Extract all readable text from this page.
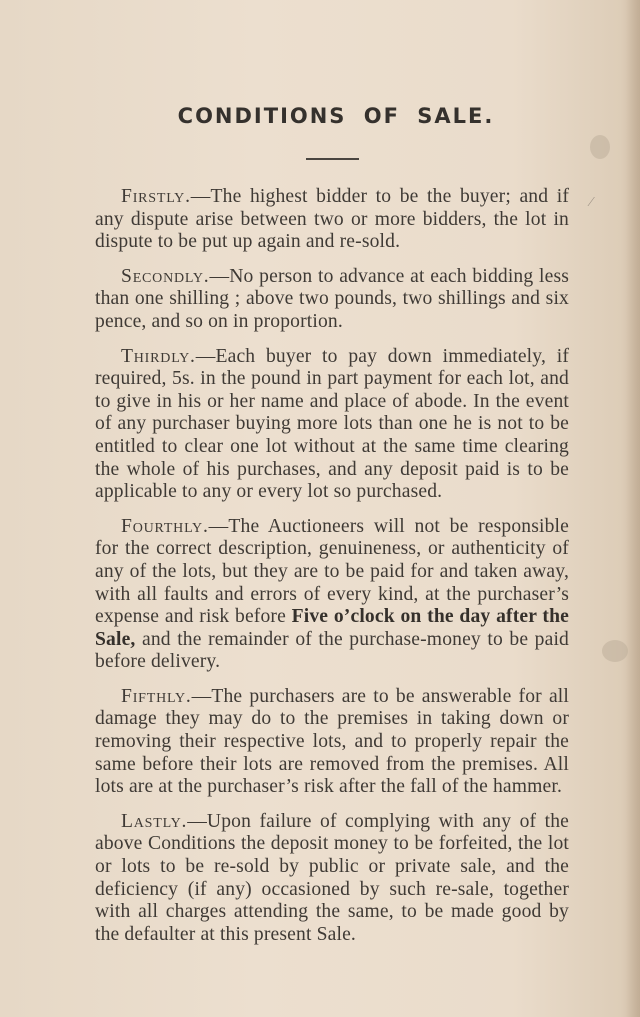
⁄
CONDITIONS OF SALE.

Firstly.—The highest bidder to be the buyer; and if any dispute arise between two or more bidders, the lot in dispute to be put up again and re-sold.

Secondly.—No person to advance at each bidding less than one shilling ; above two pounds, two shillings and six pence, and so on in proportion.

Thirdly.—Each buyer to pay down immediately, if required, 5s. in the pound in part payment for each lot, and to give in his or her name and place of abode. In the event of any purchaser buying more lots than one he is not to be entitled to clear one lot without at the same time clearing the whole of his purchases, and any deposit paid is to be applicable to any or every lot so purchased.

Fourthly.—The Auctioneers will not be responsible for the correct description, genuineness, or authenticity of any of the lots, but they are to be paid for and taken away, with all faults and errors of every kind, at the purchaser’s expense and risk before Five o’clock on the day after the Sale, and the remainder of the purchase-money to be paid before delivery.

Fifthly.—The purchasers are to be answerable for all damage they may do to the premises in taking down or removing their respective lots, and to properly repair the same before their lots are removed from the premises. All lots are at the purchaser’s risk after the fall of the hammer.

Lastly.—Upon failure of complying with any of the above Conditions the deposit money to be forfeited, the lot or lots to be re-sold by public or private sale, and the deficiency (if any) occasioned by such re-sale, together with all charges attending the same, to be made good by the defaulter at this present Sale.
